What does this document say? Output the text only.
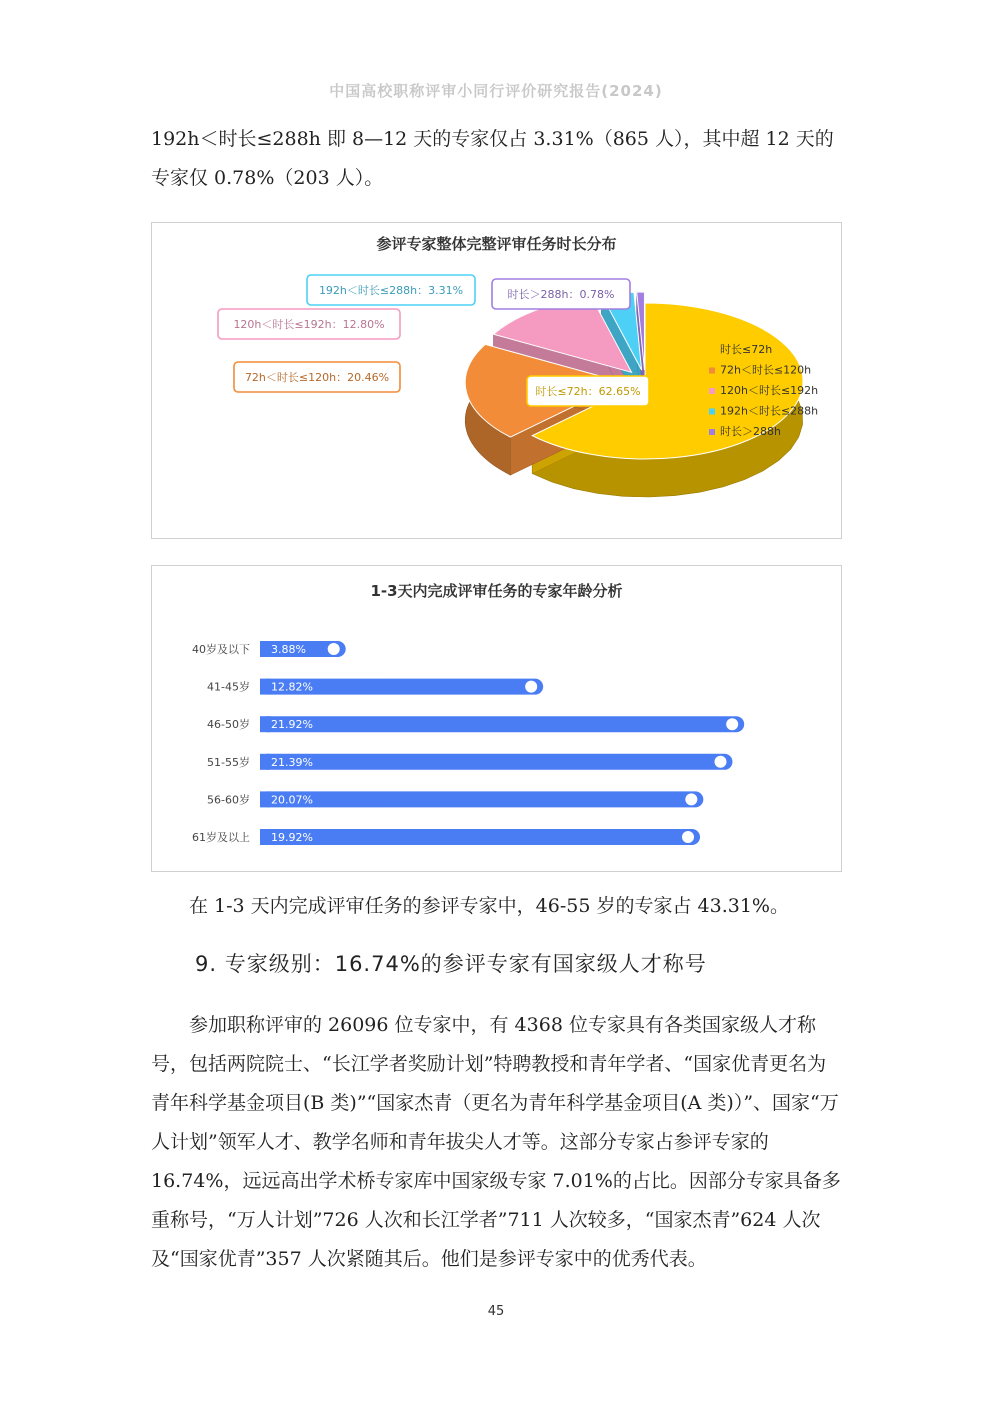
中国高校职称评审小同行评价研究报告(2024)

192h＜时长≤288h 即 8—12 天的专家仅占 3.31%（865 人），其中超 12 天的专家仅 0.78%（203 人）。

参评专家整体完整评审任务时长分布
时长≤72h：62.65%
72h＜时长≤120h：20.46%
120h＜时长≤192h：12.80%
192h＜时长≤288h：3.31%	时长＞288h：0.78%
时长≤72h
72h＜时长≤120h
120h＜时长≤192h
192h＜时长≤288h
时长＞288h
1-3天内完成评审任务的专家年龄分析
40岁及以下 3.88%
41-45岁 12.82%
46-50岁 21.92%
51-55岁 21.39%
56-60岁 20.07%
61岁及以上 19.92%

在 1-3 天内完成评审任务的参评专家中，46-55 岁的专家占 43.31%。

9. 专家级别：16.74%的参评专家有国家级人才称号

参加职称评审的 26096 位专家中，有 4368 位专家具有各类国家级人才称号，包括两院院士、“长江学者奖励计划”特聘教授和青年学者、“国家优青更名为青年科学基金项目(B 类)”“国家杰青（更名为青年科学基金项目(A 类)）”、国家“万人计划”领军人才、教学名师和青年拔尖人才等。这部分专家占参评专家的 16.74%，远远高出学术桥专家库中国家级专家 7.01%的占比。因部分专家具备多重称号，“万人计划”726 人次和长江学者”711 人次较多，“国家杰青”624 人次及“国家优青”357 人次紧随其后。他们是参评专家中的优秀代表。

45
